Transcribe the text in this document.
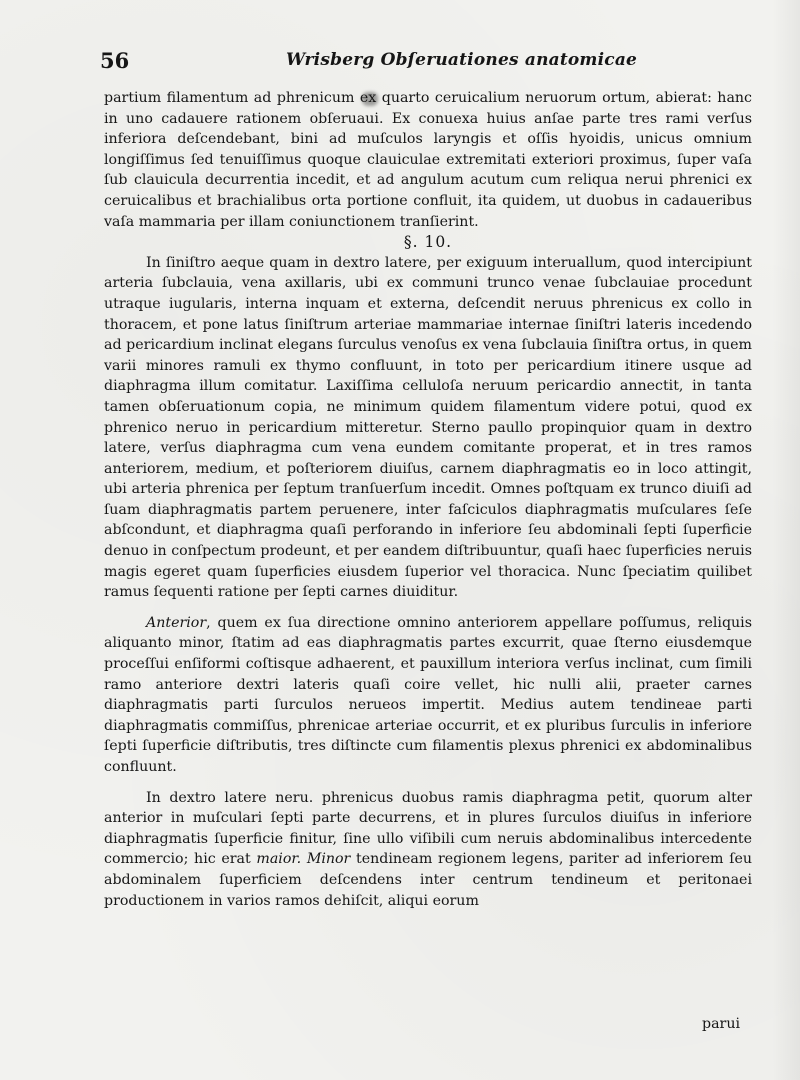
56	Wrisberg Obſeruationes anatomicae

partium filamentum ad phrenicum ex quarto ceruicalium neruorum ortum, abierat: hanc in uno cadauere rationem obſeruaui. Ex conuexa huius anſae parte tres rami verſus inferiora deſcendebant, bini ad muſculos laryngis et oſſis hyoidis, unicus omnium longiſſimus ſed tenuiſſimus quoque clauiculae extremitati exteriori proximus, ſuper vaſa ſub clauicula decurrentia incedit, et ad angulum acutum cum reliqua nerui phrenici ex ceruicalibus et brachialibus orta portione confluit, ita quidem, ut duobus in cadaueribus vaſa mammaria per illam coniunctionem tranſierint.

§. 10.

In ſiniſtro aeque quam in dextro latere, per exiguum interuallum, quod intercipiunt arteria ſubclauia, vena axillaris, ubi ex communi trunco venae ſubclauiae procedunt utraque iugularis, interna inquam et externa, deſcendit neruus phrenicus ex collo in thoracem, et pone latus ſiniſtrum arteriae mammariae internae ſiniſtri lateris incedendo ad pericardium inclinat elegans ſurculus venoſus ex vena ſubclauia ſiniſtra ortus, in quem varii minores ramuli ex thymo confluunt, in toto per pericardium itinere usque ad diaphragma illum comitatur. Laxiſſima celluloſa neruum pericardio annectit, in tanta tamen obſeruationum copia, ne minimum quidem filamentum videre potui, quod ex phrenico neruo in pericardium mitteretur. Sterno paullo propinquior quam in dextro latere, verſus diaphragma cum vena eundem comitante properat, et in tres ramos anteriorem, medium, et poſteriorem diuiſus, carnem diaphragmatis eo in loco attingit, ubi arteria phrenica per ſeptum tranſuerſum incedit. Omnes poſtquam ex trunco diuiſi ad ſuam diaphragmatis partem peruenere, inter faſciculos diaphragmatis muſculares ſeſe abſcondunt, et diaphragma quaſi perforando in inferiore ſeu abdominali ſepti ſuperficie denuo in conſpectum prodeunt, et per eandem diſtribuuntur, quaſi haec ſuperficies neruis magis egeret quam ſuperficies eiusdem ſuperior vel thoracica. Nunc ſpeciatim quilibet ramus ſequenti ratione per ſepti carnes diuiditur.

Anterior, quem ex ſua directione omnino anteriorem appellare poſſumus, reliquis aliquanto minor, ſtatim ad eas diaphragmatis partes excurrit, quae ſterno eiusdemque proceſſui enſiformi coſtisque adhaerent, et pauxillum interiora verſus inclinat, cum ſimili ramo anteriore dextri lateris quaſi coire vellet, hic nulli alii, praeter carnes diaphragmatis parti ſurculos nerueos impertit. Medius autem tendineae parti diaphragmatis commiſſus, phrenicae arteriae occurrit, et ex pluribus ſurculis in inferiore ſepti ſuperficie diſtributis, tres diſtincte cum filamentis plexus phrenici ex abdominalibus confluunt.

In dextro latere neru. phrenicus duobus ramis diaphragma petit, quorum alter anterior in muſculari ſepti parte decurrens, et in plures ſurculos diuiſus in inferiore diaphragmatis ſuperficie finitur, ſine ullo viſibili cum neruis abdominalibus intercedente commercio; hic erat maior. Minor tendineam regionem legens, pariter ad inferiorem ſeu abdominalem ſuperficiem deſcendens inter centrum tendineum et peritonaei productionem in varios ramos dehiſcit, aliqui eorum

parui
